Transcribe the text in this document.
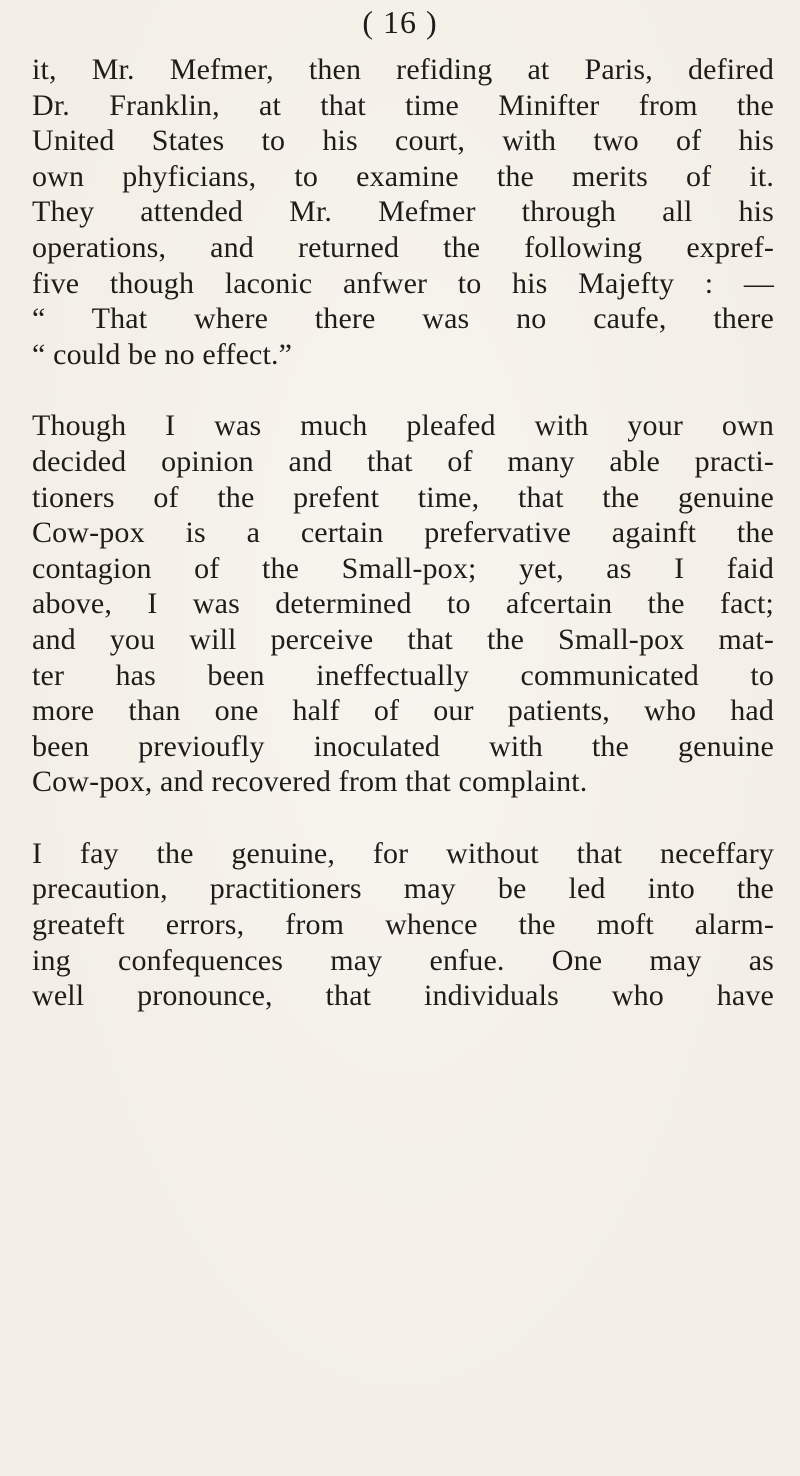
( 16 )
it, Mr. Mefmer, then refiding at Paris, defired
Dr. Franklin, at that time Minifter from the
United States to his court, with two of his
own phyficians, to examine the merits of it.
They attended Mr. Mefmer through all his
operations, and returned the following expref-
five though laconic anfwer to his Majefty : —
“ That where there was no caufe, there
“ could be no effect.”
Though I was much pleafed with your own
decided opinion and that of many able practi-
tioners of the prefent time, that the genuine
Cow-pox is a certain prefervative againft the
contagion of the Small-pox; yet, as I faid
above, I was determined to afcertain the fact;
and you will perceive that the Small-pox mat-
ter has been ineffectually communicated to
more than one half of our patients, who had
been previoufly inoculated with the genuine
Cow-pox, and recovered from that complaint.
I fay the genuine, for without that neceffary
precaution, practitioners may be led into the
greateft errors, from whence the moft alarm-
ing confequences may enfue. One may as
well pronounce, that individuals who have
